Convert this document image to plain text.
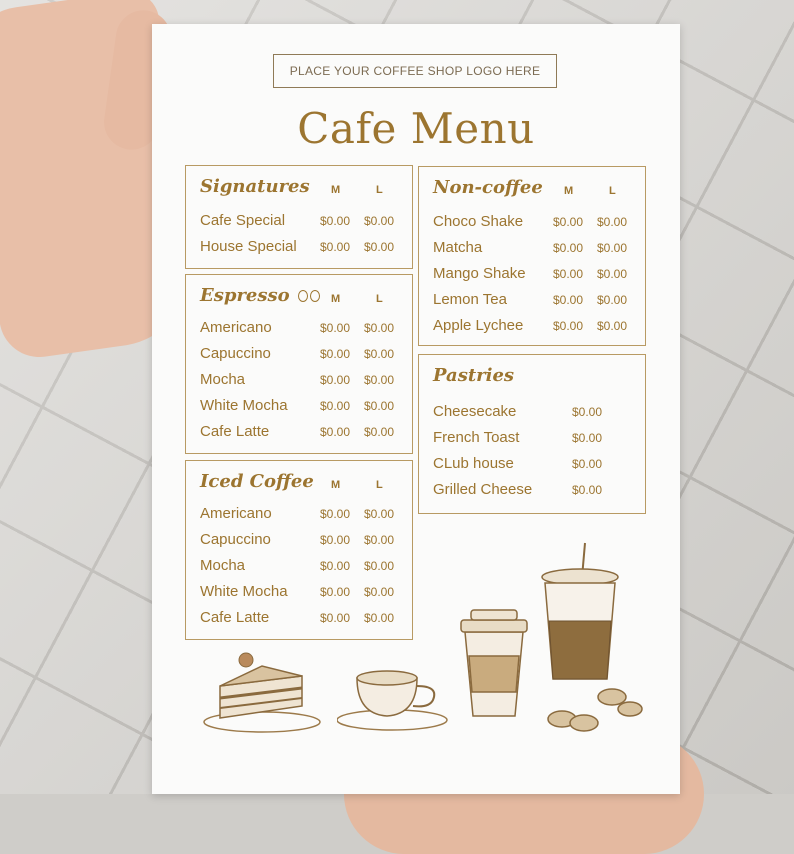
PLACE YOUR COFFEE SHOP LOGO HERE
Cafe Menu
Signatures M	L
Cafe Special	$0.00 $0.00
House Special $0.00 $0.00
Espresso	M	L
Americano	$0.00 $0.00
Capuccino	$0.00 $0.00
Mocha	$0.00 $0.00
White Mocha	$0.00 $0.00
Cafe Latte	$0.00 $0.00
Iced Coffee M	L
Americano	$0.00 $0.00
Capuccino	$0.00 $0.00
Mocha	$0.00 $0.00
White Mocha	$0.00 $0.00
Cafe Latte	$0.00 $0.00
Non-coffee M	L
Choco Shake $0.00 $0.00
Matcha	$0.00 $0.00
Mango Shake $0.00 $0.00
Lemon Tea	$0.00 $0.00
Apple Lychee $0.00 $0.00
Pastries
Cheesecake	$0.00
French Toast	$0.00
CLub house	$0.00
Grilled Cheese	$0.00
